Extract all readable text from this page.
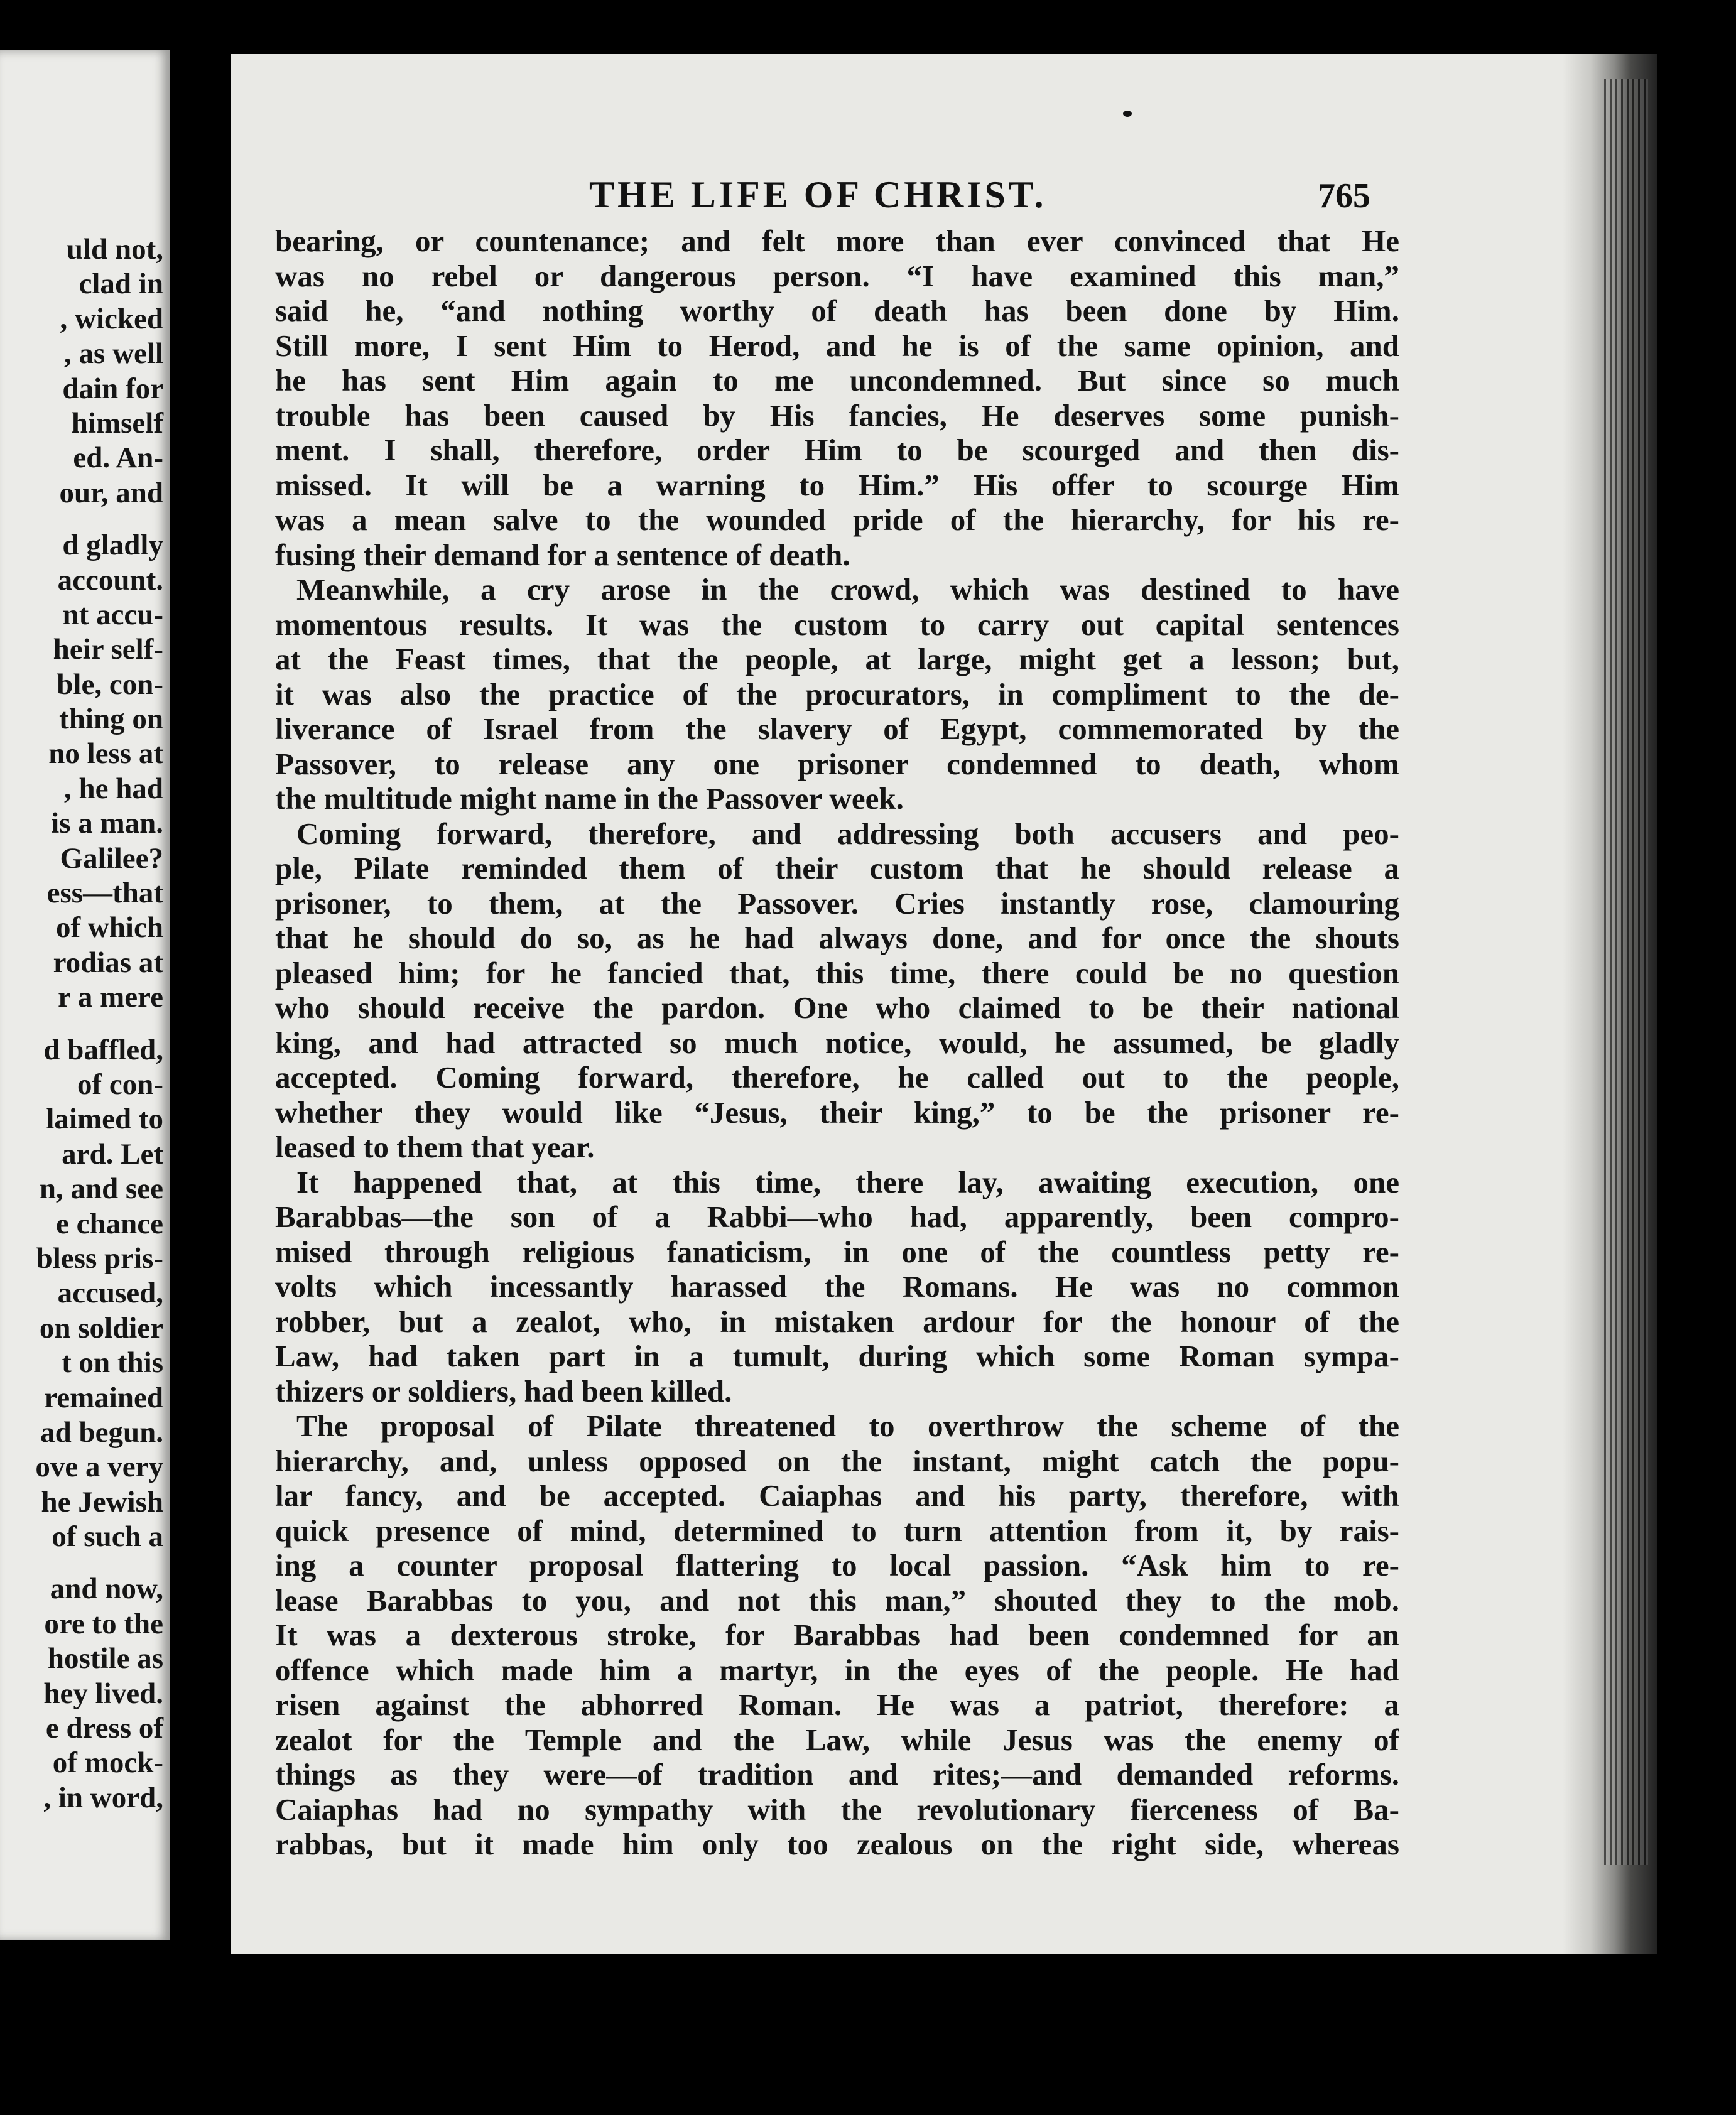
uld not,
clad in
, wicked
, as well
dain for
himself
ed. An-
our, and
d gladly
account.
nt accu-
heir self-
ble, con-
thing on
no less at
, he had
is a man.
Galilee?
ess—that
of which
rodias at
r a mere
d baffled,
of con-
laimed to
ard. Let
n, and see
e chance
bless pris-
accused,
on soldier
t on this
remained
ad begun.
ove a very
he Jewish
of such a
and now,
ore to the
hostile as
hey lived.
e dress of
of mock-
, in word,
THE LIFE OF CHRIST.	765
bearing, or countenance; and felt more than ever convinced that He
was no rebel or dangerous person. “I have examined this man,”
said he, “and nothing worthy of death has been done by Him.
Still more, I sent Him to Herod, and he is of the same opinion, and
he has sent Him again to me uncondemned. But since so much
trouble has been caused by His fancies, He deserves some punish-
ment. I shall, therefore, order Him to be scourged and then dis-
missed. It will be a warning to Him.” His offer to scourge Him
was a mean salve to the wounded pride of the hierarchy, for his re-
fusing their demand for a sentence of death.
Meanwhile, a cry arose in the crowd, which was destined to have
momentous results. It was the custom to carry out capital sentences
at the Feast times, that the people, at large, might get a lesson; but,
it was also the practice of the procurators, in compliment to the de-
liverance of Israel from the slavery of Egypt, commemorated by the
Passover, to release any one prisoner condemned to death, whom
the multitude might name in the Passover week.
Coming forward, therefore, and addressing both accusers and peo-
ple, Pilate reminded them of their custom that he should release a
prisoner, to them, at the Passover. Cries instantly rose, clamouring
that he should do so, as he had always done, and for once the shouts
pleased him; for he fancied that, this time, there could be no question
who should receive the pardon. One who claimed to be their national
king, and had attracted so much notice, would, he assumed, be gladly
accepted. Coming forward, therefore, he called out to the people,
whether they would like “Jesus, their king,” to be the prisoner re-
leased to them that year.
It happened that, at this time, there lay, awaiting execution, one
Barabbas—the son of a Rabbi—who had, apparently, been compro-
mised through religious fanaticism, in one of the countless petty re-
volts which incessantly harassed the Romans. He was no common
robber, but a zealot, who, in mistaken ardour for the honour of the
Law, had taken part in a tumult, during which some Roman sympa-
thizers or soldiers, had been killed.
The proposal of Pilate threatened to overthrow the scheme of the
hierarchy, and, unless opposed on the instant, might catch the popu-
lar fancy, and be accepted. Caiaphas and his party, therefore, with
quick presence of mind, determined to turn attention from it, by rais-
ing a counter proposal flattering to local passion. “Ask him to re-
lease Barabbas to you, and not this man,” shouted they to the mob.
It was a dexterous stroke, for Barabbas had been condemned for an
offence which made him a martyr, in the eyes of the people. He had
risen against the abhorred Roman. He was a patriot, therefore: a
zealot for the Temple and the Law, while Jesus was the enemy of
things as they were—of tradition and rites;—and demanded reforms.
Caiaphas had no sympathy with the revolutionary fierceness of Ba-
rabbas, but it made him only too zealous on the right side, whereas
